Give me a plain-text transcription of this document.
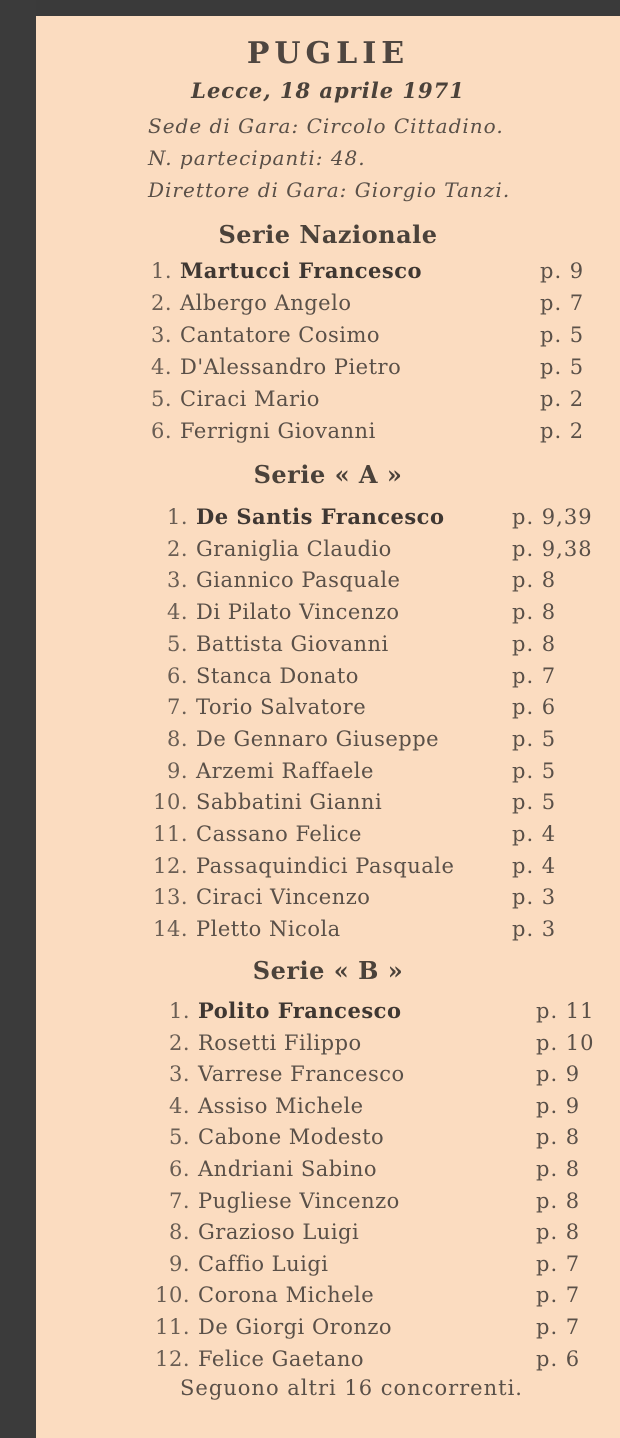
PUGLIE
Lecce, 18 aprile 1971
Sede di Gara: Circolo Cittadino.
N. partecipanti: 48.
Direttore di Gara: Giorgio Tanzi.
Serie Nazionale
1. Martucci Francesco	p. 9
2. Albergo Angelo	p. 7
3. Cantatore Cosimo	p. 5
4. D'Alessandro Pietro	p. 5
5. Ciraci Mario	p. 2
6. Ferrigni Giovanni	p. 2
Serie « A »
1. De Santis Francesco	p. 9,39
2. Graniglia Claudio	p. 9,38
3. Giannico Pasquale	p. 8
4. Di Pilato Vincenzo	p. 8
5. Battista Giovanni	p. 8
6. Stanca Donato	p. 7
7. Torio Salvatore	p. 6
8. De Gennaro Giuseppe	p. 5
9. Arzemi Raffaele	p. 5
10. Sabbatini Gianni	p. 5
11. Cassano Felice	p. 4
12. Passaquindici Pasquale	p. 4
13. Ciraci Vincenzo	p. 3
14. Pletto Nicola	p. 3
Serie « B »
1. Polito Francesco	p. 11
2. Rosetti Filippo	p. 10
3. Varrese Francesco	p. 9
4. Assiso Michele	p. 9
5. Cabone Modesto	p. 8
6. Andriani Sabino	p. 8
7. Pugliese Vincenzo	p. 8
8. Grazioso Luigi	p. 8
9. Caffio Luigi	p. 7
10. Corona Michele	p. 7
11. De Giorgi Oronzo	p. 7
12. Felice Gaetano	p. 6
Seguono altri 16 concorrenti.
